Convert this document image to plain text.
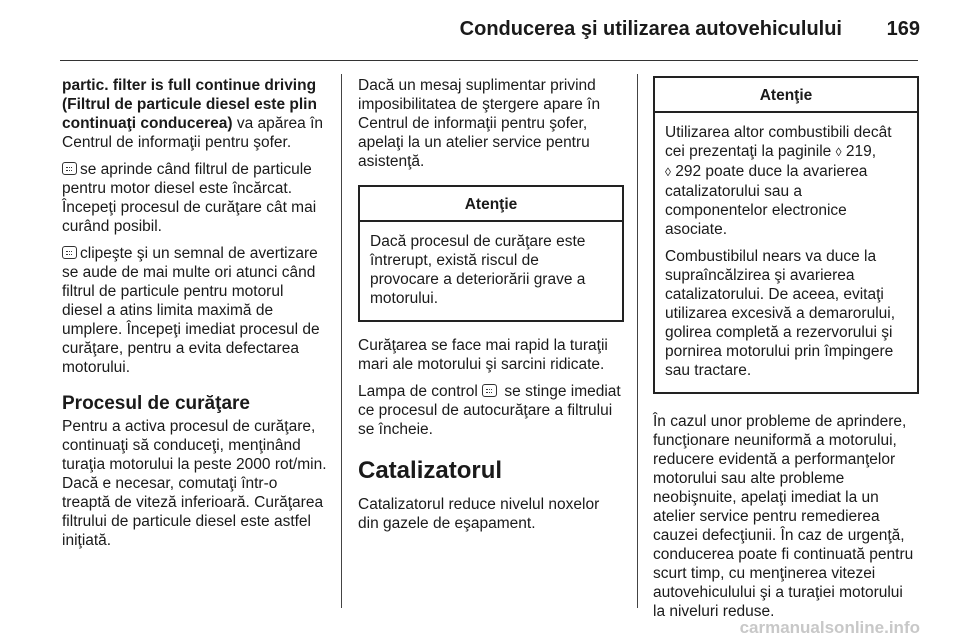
Conducerea şi utilizarea autovehiculului 169

partic. filter is full continue driving (Filtrul de particule diesel este plin continuaţi conducerea) va apărea în Centrul de informaţii pentru şofer.

se aprinde când filtrul de particule pentru motor diesel este încărcat. Începeţi procesul de curăţare cât mai curând posibil.

clipeşte şi un semnal de avertizare se aude de mai multe ori atunci când filtrul de particule pentru motorul diesel a atins limita maximă de umplere. Începeţi imediat procesul de curăţare, pentru a evita defectarea motorului.

Procesul de curăţare

Pentru a activa procesul de curăţare, continuaţi să conduceţi, menţinând turaţia motorului la peste 2000 rot/min. Dacă e necesar, comutaţi într-o treaptă de viteză inferioară. Curăţarea filtrului de particule diesel este astfel iniţiată.

Dacă un mesaj suplimentar privind imposibilitatea de ştergere apare în Centrul de informaţii pentru şofer, apelaţi la un atelier service pentru asistenţă.

Atenţie

Dacă procesul de curăţare este întrerupt, există riscul de provocare a deteriorării grave a motorului.

Curăţarea se face mai rapid la turaţii mari ale motorului şi sarcini ridicate.

Lampa de control  se stinge imediat ce procesul de autocurăţare a filtrului se încheie.

Catalizatorul

Catalizatorul reduce nivelul noxelor din gazele de eşapament.

Atenţie

Utilizarea altor combustibili decât cei prezentaţi la paginile ◊ 219,
◊ 292 poate duce la avarierea catalizatorului sau a componentelor electronice asociate.

Combustibilul nears va duce la supraîncălzirea şi avarierea catalizatorului. De aceea, evitaţi utilizarea excesivă a demarorului, golirea completă a rezervorului şi pornirea motorului prin împingere sau tractare.

În cazul unor probleme de aprindere, funcţionare neuniformă a motorului, reducere evidentă a performanţelor motorului sau alte probleme neobişnuite, apelaţi imediat la un atelier service pentru remedierea cauzei defecţiunii. În caz de urgenţă, conducerea poate fi continuată pentru scurt timp, cu menţinerea vitezei autovehiculului şi a turaţiei motorului la niveluri reduse.

carmanualsonline.info
